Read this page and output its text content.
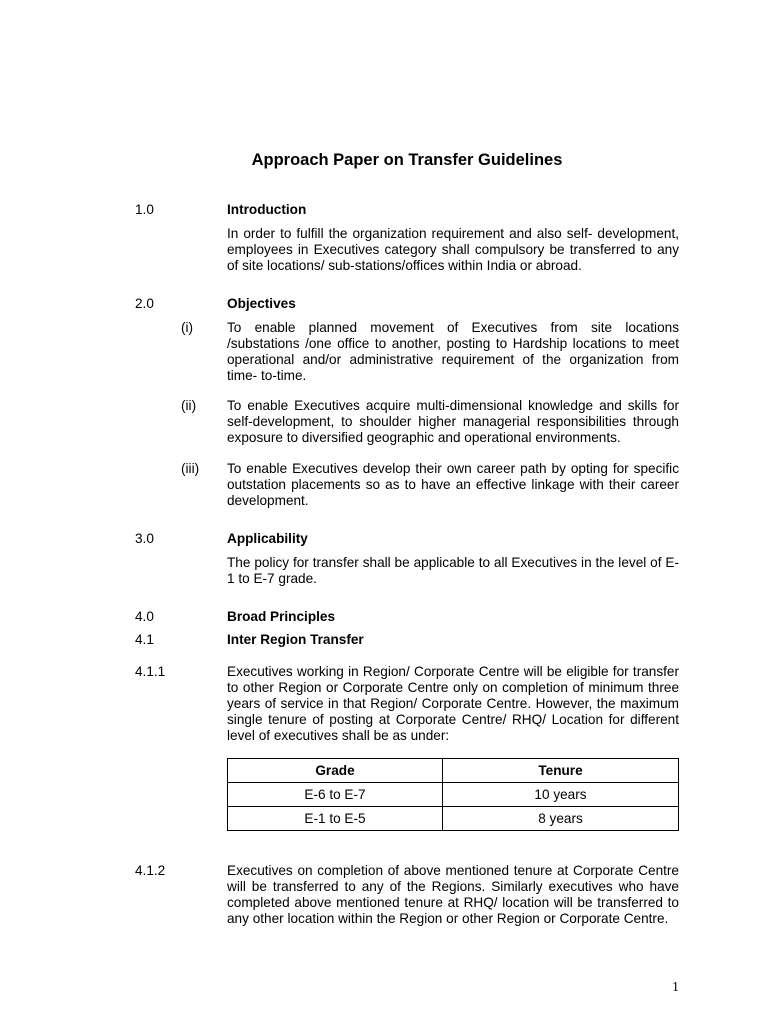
Approach Paper on Transfer Guidelines
1.0	Introduction
In order to fulfill the organization requirement and also self- development, employees in Executives category shall compulsory be transferred to any of site locations/ sub-stations/offices within India or abroad.
2.0	Objectives
(i) To enable planned movement of Executives from site locations /substations /one office to another, posting to Hardship locations to meet operational and/or administrative requirement of the organization from time- to-time.
(ii) To enable Executives acquire multi-dimensional knowledge and skills for self-development, to shoulder higher managerial responsibilities through exposure to diversified geographic and operational environments.
(iii) To enable Executives develop their own career path by opting for specific outstation placements so as to have an effective linkage with their career development.
3.0	Applicability
The policy for transfer shall be applicable to all Executives in the level of E-1 to E-7 grade.
4.0	Broad Principles
4.1	Inter Region Transfer
4.1.1	Executives working in Region/ Corporate Centre will be eligible for transfer to other Region or Corporate Centre only on completion of minimum three years of service in that Region/ Corporate Centre. However, the maximum single tenure of posting at Corporate Centre/ RHQ/ Location for different level of executives shall be as under:
Grade	Tenure
E-6 to E-7	10 years
E-1 to E-5	8 years
4.1.2	Executives on completion of above mentioned tenure at Corporate Centre will be transferred to any of the Regions. Similarly executives who have completed above mentioned tenure at RHQ/ location will be transferred to any other location within the Region or other Region or Corporate Centre.
1
